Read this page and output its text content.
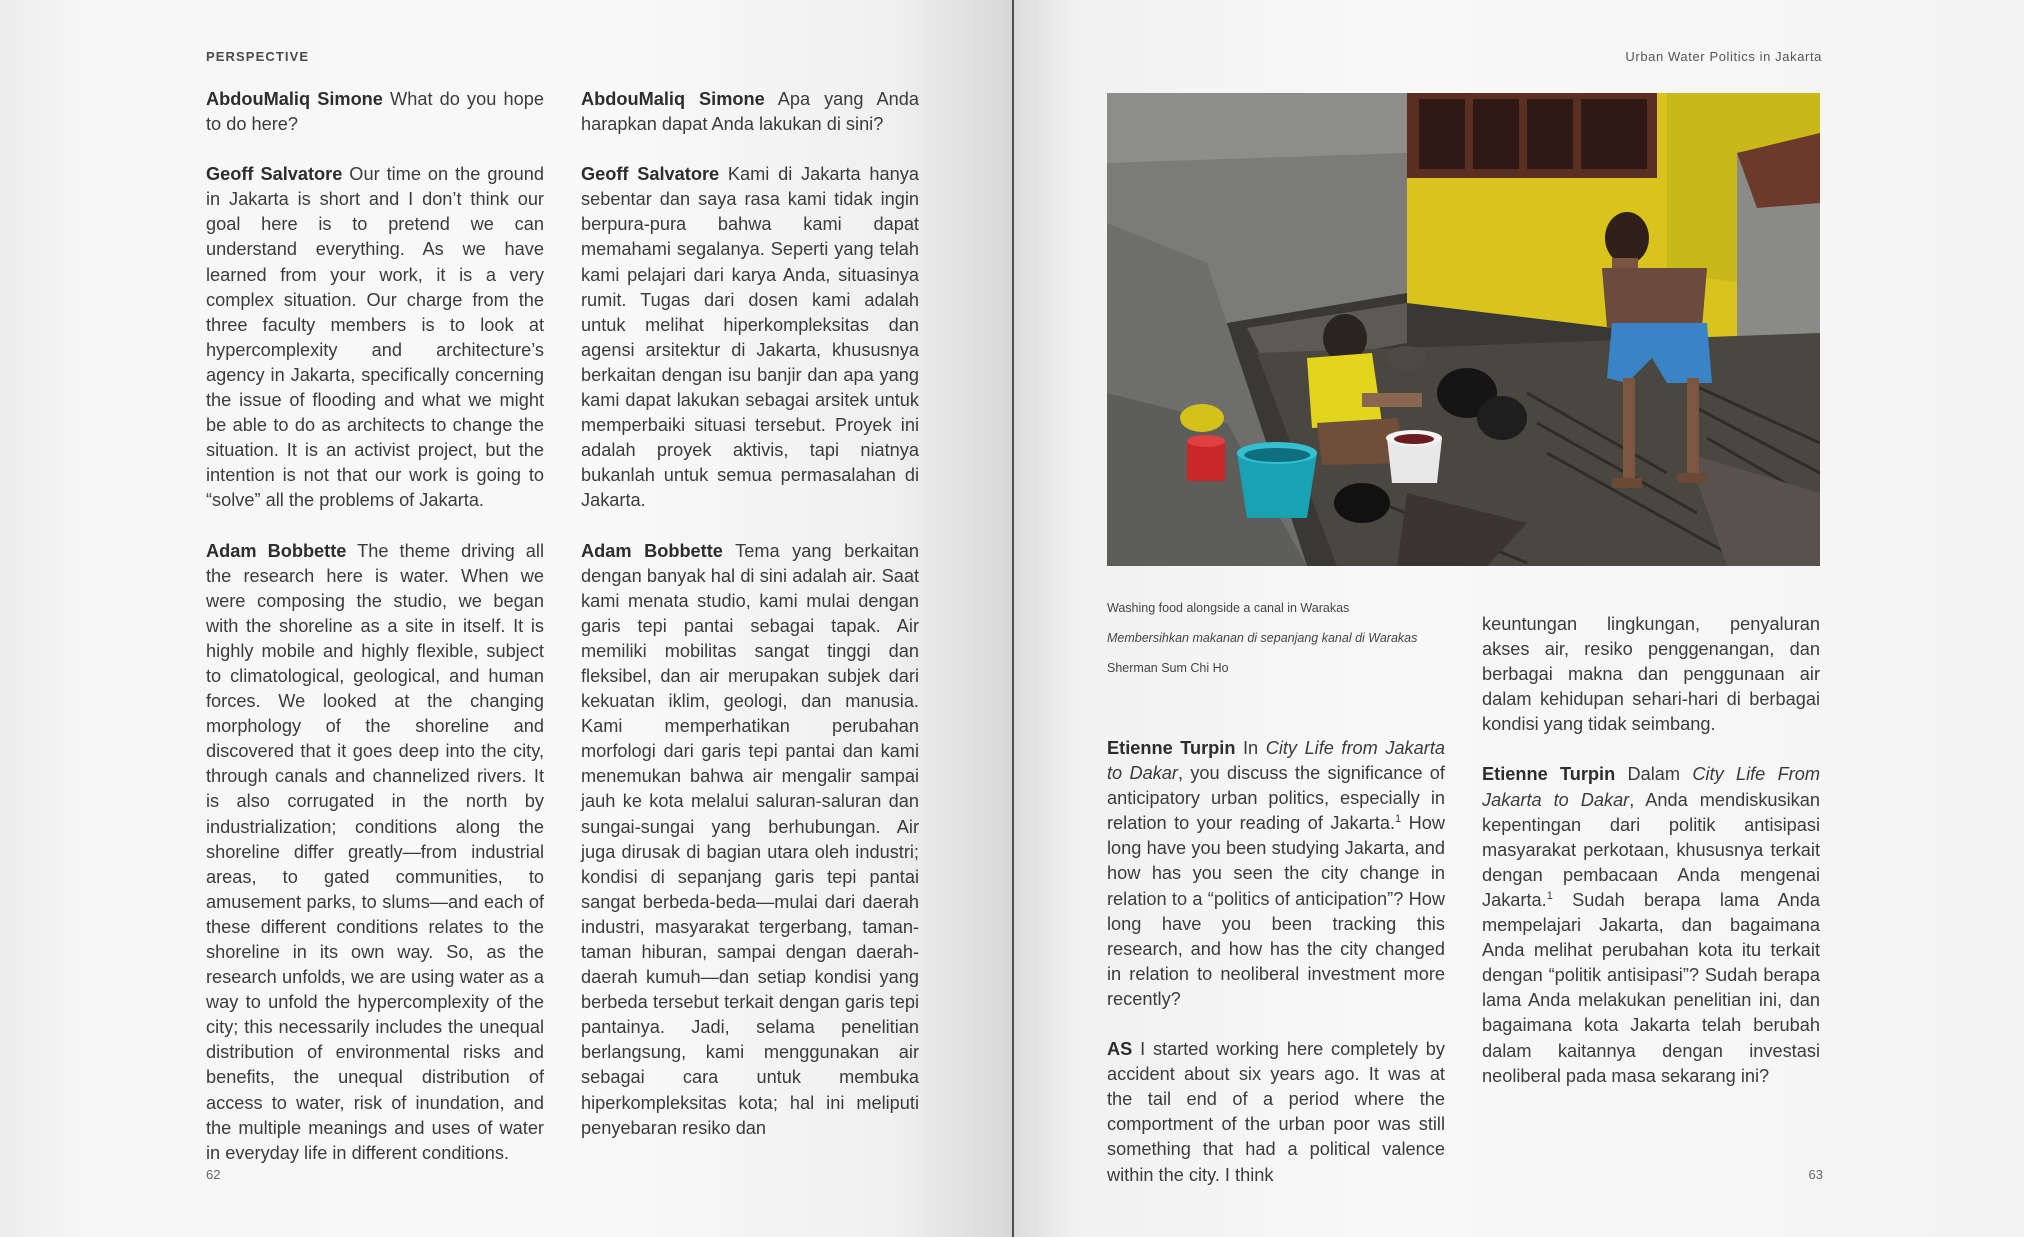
PERSPECTIVE

AbdouMaliq Simone What do you hope to do here?

Geoff Salvatore Our time on the ground in Jakarta is short and I don’t think our goal here is to pretend we can understand everything. As we have learned from your work, it is a very complex situation. Our charge from the three faculty members is to look at hypercomplexity and architecture’s agency in Jakarta, specifically concerning the issue of flooding and what we might be able to do as architects to change the situation. It is an activist project, but the intention is not that our work is going to “solve” all the problems of Jakarta.

Adam Bobbette The theme driving all the research here is water. When we were composing the studio, we began with the shoreline as a site in itself. It is highly mobile and highly flexible, subject to climatological, geological, and human forces. We looked at the changing morphology of the shoreline and discovered that it goes deep into the city, through canals and channelized rivers. It is also corrugated in the north by industrialization; conditions along the shoreline differ greatly—from industrial areas, to gated communities, to amusement parks, to slums—and each of these different conditions relates to the shoreline in its own way. So, as the research unfolds, we are using water as a way to unfold the hypercomplexity of the city; this necessarily includes the unequal distribution of environmental risks and benefits, the unequal distribution of access to water, risk of inundation, and the multiple meanings and uses of water in everyday life in different conditions.

AbdouMaliq Simone Apa yang Anda harapkan dapat Anda lakukan di sini?

Geoff Salvatore Kami di Jakarta hanya sebentar dan saya rasa kami tidak ingin berpura-pura bahwa kami dapat memahami segalanya. Seperti yang telah kami pelajari dari karya Anda, situasinya rumit. Tugas dari dosen kami adalah untuk melihat hiperkompleksitas dan agensi arsitektur di Jakarta, khususnya berkaitan dengan isu banjir dan apa yang kami dapat lakukan sebagai arsitek untuk memperbaiki situasi tersebut. Proyek ini adalah proyek aktivis, tapi niatnya bukanlah untuk semua permasalahan di Jakarta.

Adam Bobbette Tema yang berkaitan dengan banyak hal di sini adalah air. Saat kami menata studio, kami mulai dengan garis tepi pantai sebagai tapak. Air memiliki mobilitas sangat tinggi dan fleksibel, dan air merupakan subjek dari kekuatan iklim, geologi, dan manusia. Kami memperhatikan perubahan morfologi dari garis tepi pantai dan kami menemukan bahwa air mengalir sampai jauh ke kota melalui saluran-saluran dan sungai-sungai yang berhubungan. Air juga dirusak di bagian utara oleh industri; kondisi di sepanjang garis tepi pantai sangat berbeda-beda—mulai dari daerah industri, masyarakat tergerbang, taman-taman hiburan, sampai dengan daerah-daerah kumuh—dan setiap kondisi yang berbeda tersebut terkait dengan garis tepi pantainya. Jadi, selama penelitian berlangsung, kami menggunakan air sebagai cara untuk membuka hiperkompleksitas kota; hal ini meliputi penyebaran resiko dan

62
Urban Water Politics in Jakarta
Washing food alongside a canal in Warakas
Membersihkan makanan di sepanjang kanal di Warakas
Sherman Sum Chi Ho

Etienne Turpin In City Life from Jakarta to Dakar, you discuss the significance of anticipatory urban politics, especially in relation to your reading of Jakarta.$^1$ How long have you been studying Jakarta, and how has you seen the city change in relation to a “politics of anticipation”? How long have you been tracking this research, and how has the city changed in relation to neoliberal investment more recently?

AS I started working here completely by accident about six years ago. It was at the tail end of a period where the comportment of the urban poor was still something that had a political valence within the city. I think

keuntungan lingkungan, penyaluran akses air, resiko penggenangan, dan berbagai makna dan penggunaan air dalam kehidupan sehari-hari di berbagai kondisi yang tidak seimbang.

Etienne Turpin Dalam City Life From Jakarta to Dakar, Anda mendiskusikan kepentingan dari politik antisipasi masyarakat perkotaan, khususnya terkait dengan pembacaan Anda mengenai Jakarta.$^1$ Sudah berapa lama Anda mempelajari Jakarta, dan bagaimana Anda melihat perubahan kota itu terkait dengan “politik antisipasi”? Sudah berapa lama Anda melakukan penelitian ini, dan bagaimana kota Jakarta telah berubah dalam kaitannya dengan investasi neoliberal pada masa sekarang ini?

63
